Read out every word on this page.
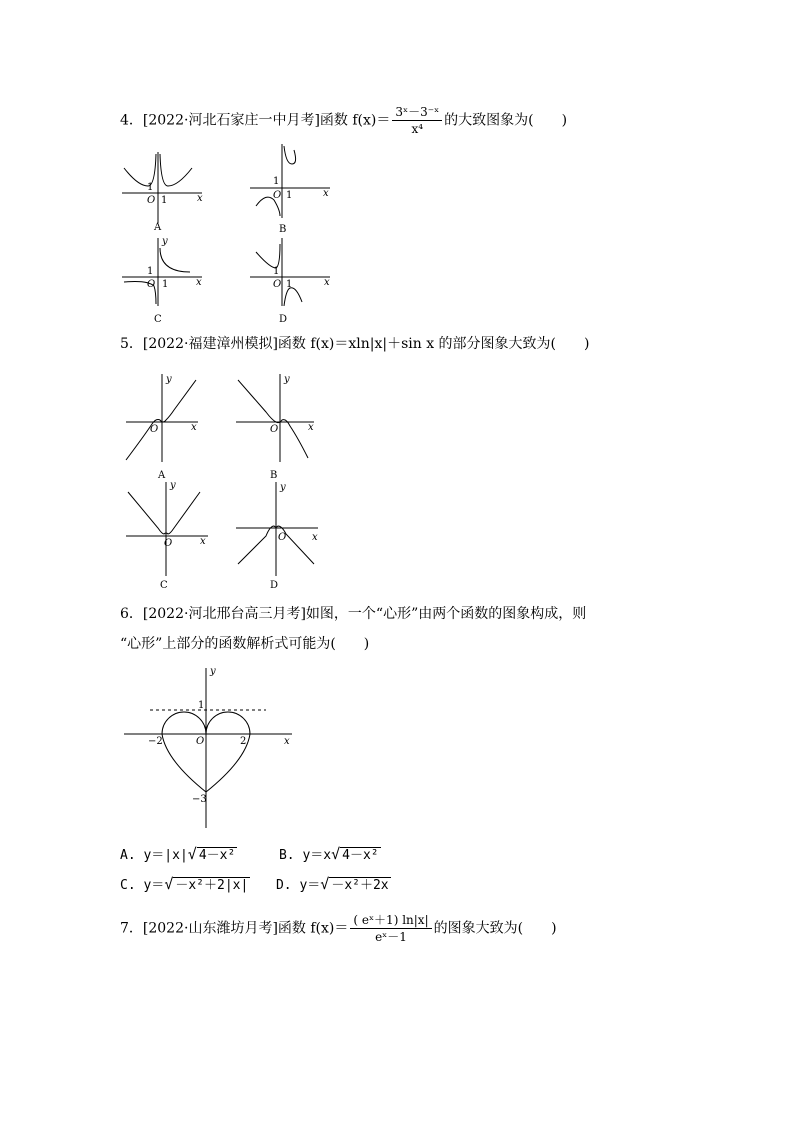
4．[2022·河北石家庄一中月考]函数 $f(x)= \frac{\text{3ˣ－3⁻ˣ}}{\text{x⁴}}$ 的大致图象为(　　)
1
O 1	x
A
1
O 1	x
B
y
1
O 1	x
C
1
O 1	x
D
5．[2022·福建漳州模拟]函数 f(x)＝xln|x|＋sin x 的部分图象大致为(　　)
y
O	x
A
y
O	x
B
y
O	x
C
y
O	x
D
6．[2022·河北邢台高三月考]如图，一个“心形”由两个函数的图象构成，则
“心形”上部分的函数解析式可能为(　　)
y
x
−2	2
O
1
−3
A. y＝|x|√ 4－x²	B. y＝x√ 4－x²
C. y＝√ －x²＋2|x| D. y＝√ －x²＋2x
7．[2022·山东潍坊月考]函数 $f(x)= \frac{\text{( eˣ＋1) ln|x|}}{\text{eˣ－1}}$ 的图象大致为(　　)
